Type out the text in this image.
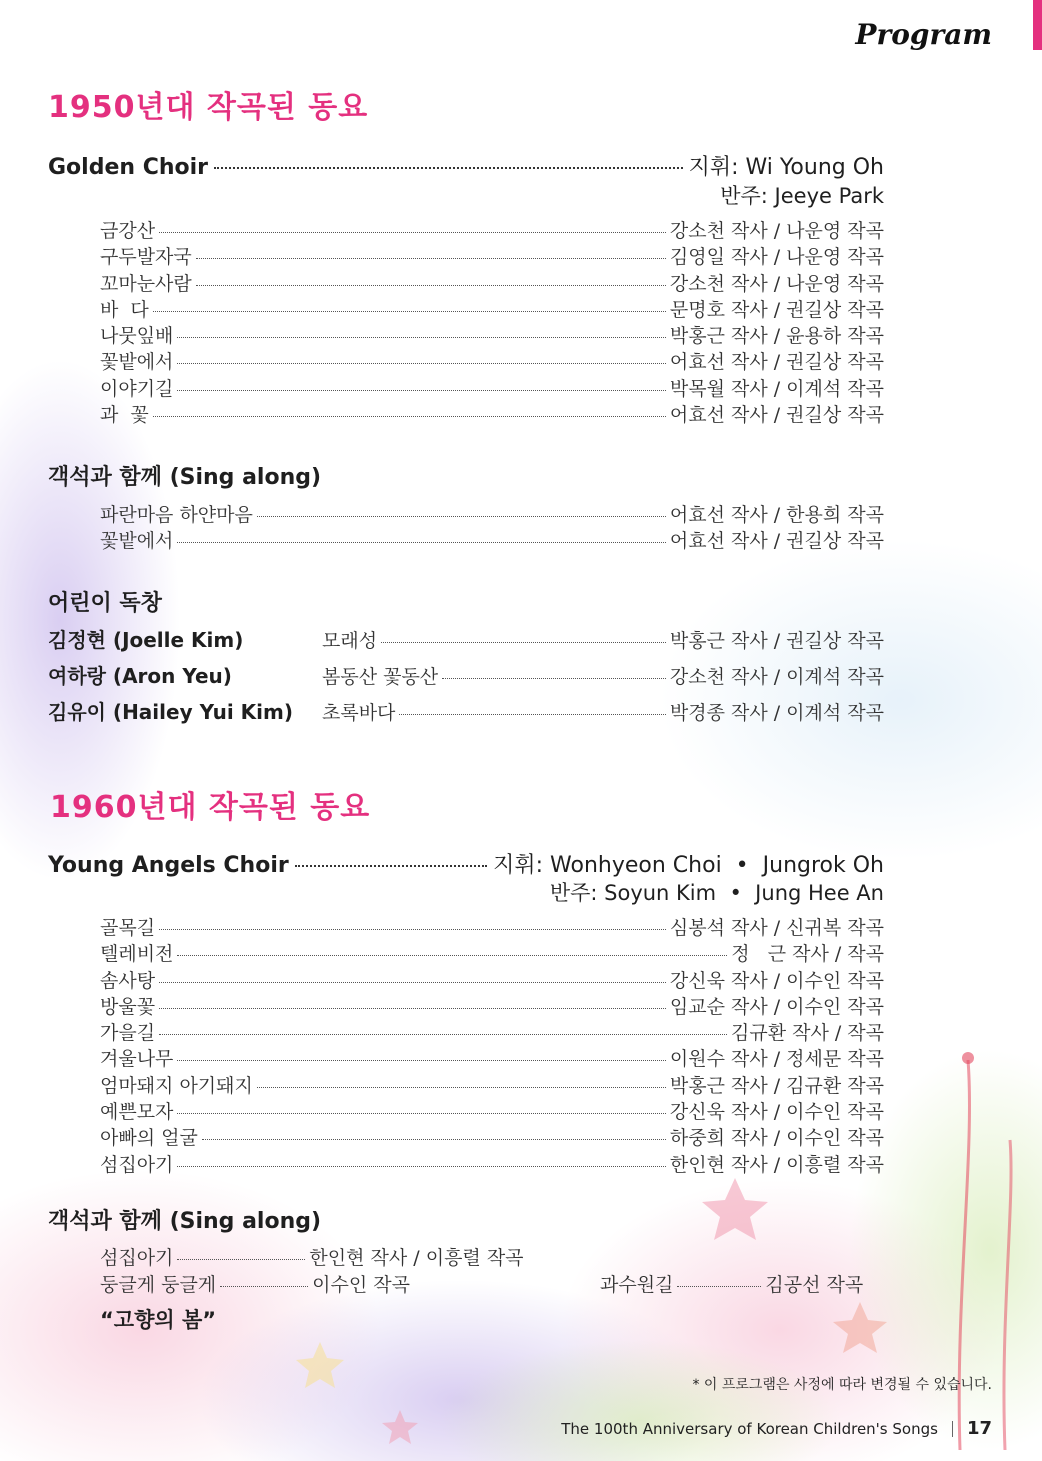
Program
1950년대 작곡된 동요
Golden Choir	지휘: Wi Young Oh
반주: Jeeye Park
금강산	강소천 작사 / 나운영 작곡
구두발자국	김영일 작사 / 나운영 작곡
꼬마눈사람	강소천 작사 / 나운영 작곡
바  다	문명호 작사 / 권길상 작곡
나뭇잎배	박홍근 작사 / 윤용하 작곡
꽃밭에서	어효선 작사 / 권길상 작곡
이야기길	박목월 작사 / 이계석 작곡
과  꽃	어효선 작사 / 권길상 작곡
객석과 함께 (Sing along)
파란마음 하얀마음	어효선 작사 / 한용희 작곡
꽃밭에서	어효선 작사 / 권길상 작곡
어린이 독창
김정현 (Joelle Kim)	모래성	박홍근 작사 / 권길상 작곡
여하랑 (Aron Yeu)	봄동산 꽃동산	강소천 작사 / 이계석 작곡
김유이 (Hailey Yui Kim)	초록바다	박경종 작사 / 이계석 작곡
1960년대 작곡된 동요
Young Angels Choir	지휘: Wonhyeon Choi  •  Jungrok Oh
반주: Soyun Kim  •  Jung Hee An
골목길	심봉석 작사 / 신귀복 작곡
텔레비전	정   근 작사 / 작곡
솜사탕	강신욱 작사 / 이수인 작곡
방울꽃	임교순 작사 / 이수인 작곡
가을길	김규환 작사 / 작곡
겨울나무	이원수 작사 / 정세문 작곡
엄마돼지 아기돼지	박홍근 작사 / 김규환 작곡
예쁜모자	강신욱 작사 / 이수인 작곡
아빠의 얼굴	하중희 작사 / 이수인 작곡
섬집아기	한인현 작사 / 이흥렬 작곡
객석과 함께 (Sing along)
섬집아기	한인현 작사 / 이흥렬 작곡
둥글게 둥글게	이수인 작곡	과수원길	김공선 작곡
“고향의 봄”
* 이 프로그램은 사정에 따라 변경될 수 있습니다.
The 100th Anniversary of Korean Children's Songs 17
